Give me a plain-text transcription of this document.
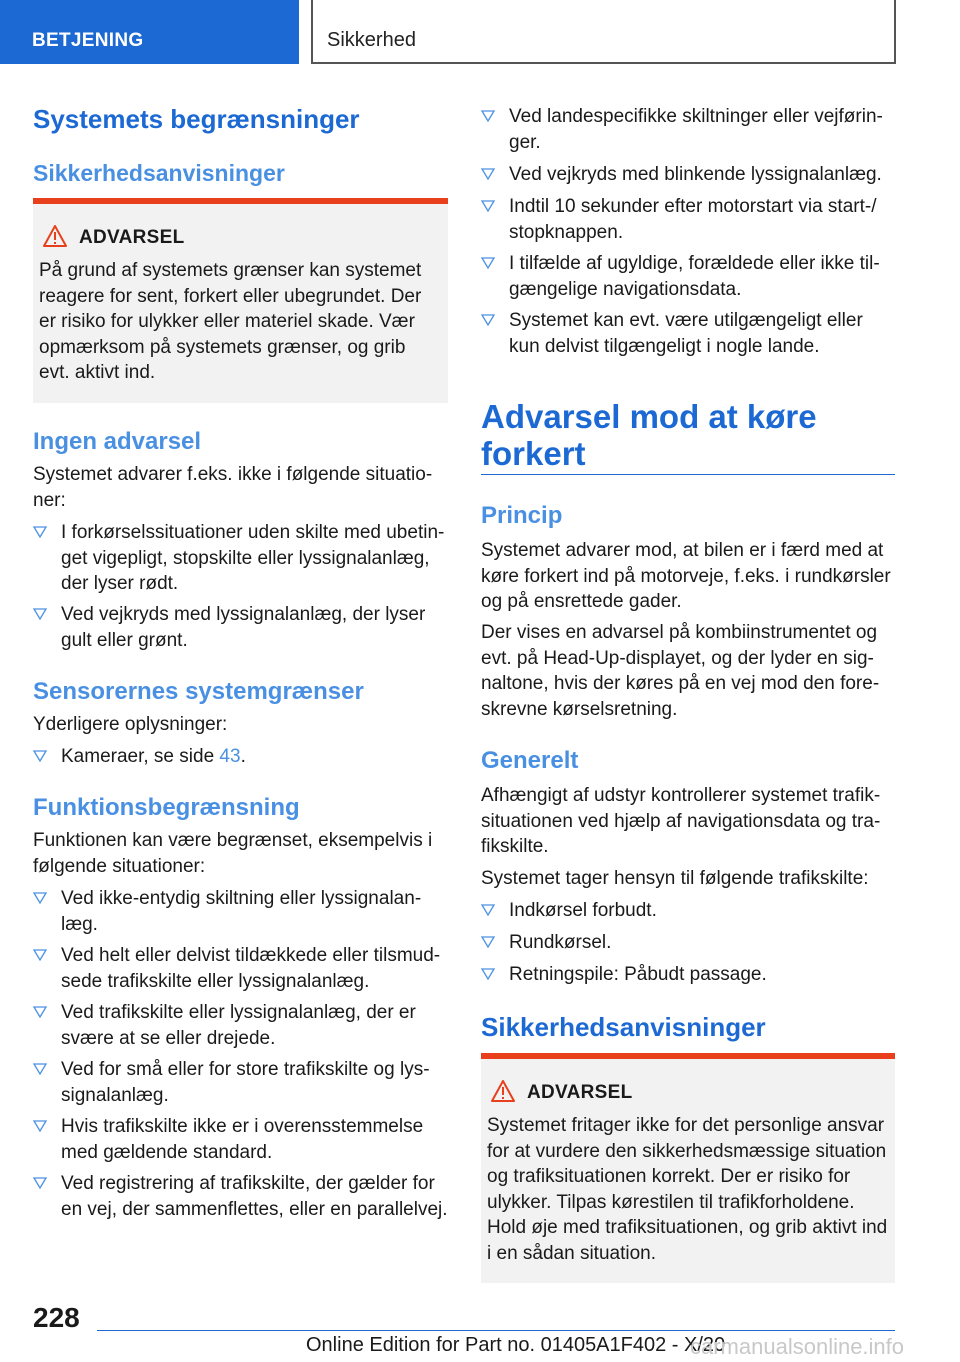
BETJENING	Sikkerhed
Systemets begrænsninger
Sikkerhedsanvisninger
ADVARSEL
På grund af systemets grænser kan systemet reagere for sent, forkert eller ubegrundet. Der er risiko for ulykker eller materiel skade. Vær opmærksom på systemets grænser, og grib evt. aktivt ind.
Ingen advarsel
Systemet advarer f.eks. ikke i følgende situationer:
I forkørselssituationer uden skilte med ubetinget vigepligt, stopskilte eller lyssignalanlæg, der lyser rødt.
Ved vejkryds med lyssignalanlæg, der lyser gult eller grønt.
Sensorernes systemgrænser
Yderligere oplysninger:
Kameraer, se side 43.
Funktionsbegrænsning
Funktionen kan være begrænset, eksempelvis i følgende situationer:
Ved ikke-entydig skiltning eller lyssignalanlæg.
Ved helt eller delvist tildækkede eller tilsmudsede trafikskilte eller lyssignalanlæg.
Ved trafikskilte eller lyssignalanlæg, der er svære at se eller drejede.
Ved for små eller for store trafikskilte og lyssignalanlæg.
Hvis trafikskilte ikke er i overensstemmelse med gældende standard.
Ved registrering af trafikskilte, der gælder for en vej, der sammenflettes, eller en parallelvej.
Ved landespecifikke skiltninger eller vejføringer.
Ved vejkryds med blinkende lyssignalanlæg.
Indtil 10 sekunder efter motorstart via start-/ stopknappen.
I tilfælde af ugyldige, forældede eller ikke tilgængelige navigationsdata.
Systemet kan evt. være utilgængeligt eller kun delvist tilgængeligt i nogle lande.
Advarsel mod at køre forkert
Princip
Systemet advarer mod, at bilen er i færd med at køre forkert ind på motorveje, f.eks. i rundkørsler og på ensrettede gader.
Der vises en advarsel på kombiinstrumentet og evt. på Head-Up-displayet, og der lyder en signaltone, hvis der køres på en vej mod den foreskrevne kørselsretning.
Generelt
Afhængigt af udstyr kontrollerer systemet trafiksituationen ved hjælp af navigationsdata og trafikskilte.
Systemet tager hensyn til følgende trafikskilte:
Indkørsel forbudt.
Rundkørsel.
Retningspile: Påbudt passage.
Sikkerhedsanvisninger
ADVARSEL
Systemet fritager ikke for det personlige ansvar for at vurdere den sikkerhedsmæssige situation og trafiksituationen korrekt. Der er risiko for ulykker. Tilpas kørestilen til trafikforholdene. Hold øje med trafiksituationen, og grib aktivt ind i en sådan situation.
228
Online Edition for Part no. 01405A1F402 - X/20
carmanualsonline.info
